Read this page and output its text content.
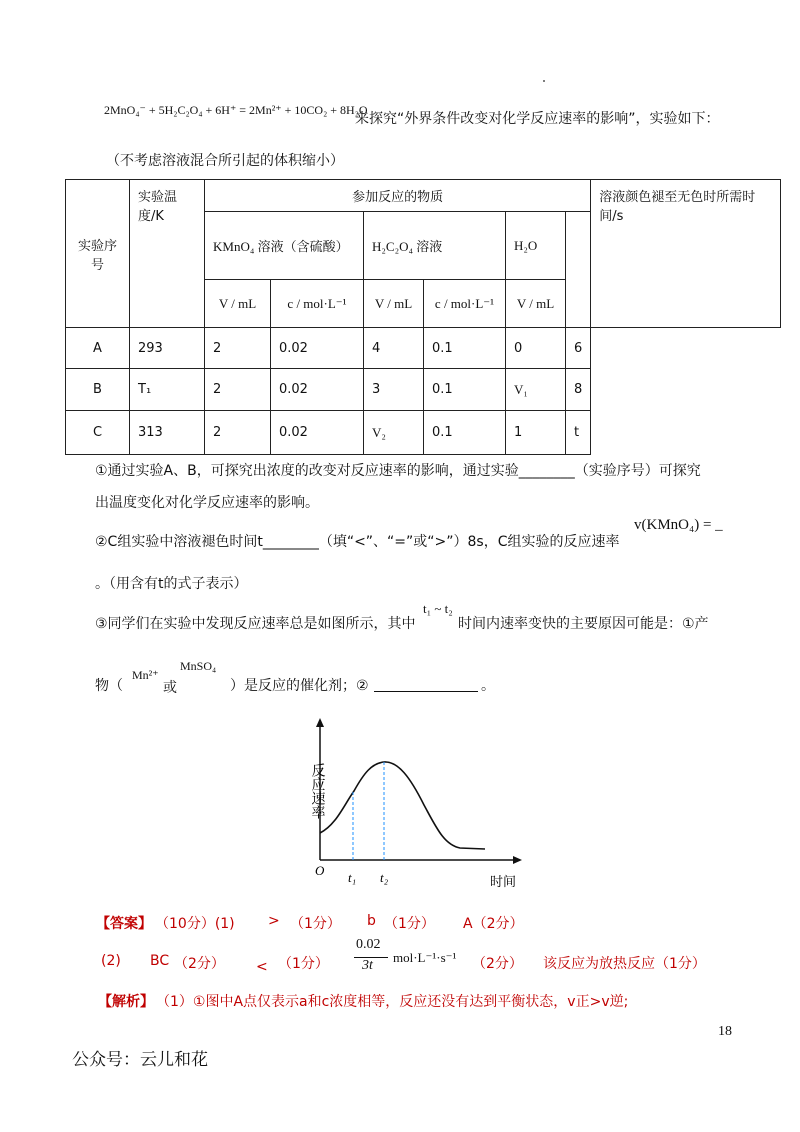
2MnO₄⁻ + 5H₂C₂O₄ + 6H⁺ = 2Mn²⁺ + 10CO₂ + 8H₂O
来探究“外界条件改变对化学反应速率的影响”，实验如下：
（不考虑溶液混合所引起的体积缩小）
实验序号	实验温度/K	参加反应的物质						溶液颜色褪至无色时所需时间/s
		KMnO₄ 溶液（含硫酸）		H₂C₂O₄ 溶液		H₂O		
		V / mL	c / mol·L⁻¹	V / mL	c / mol·L⁻¹	V / mL		
A	293	2	0.02	4	0.1	0	6	
B	T₁	2	0.02	3	0.1	V₁	8	
C	313	2	0.02	V₂	0.1	1	t	
①通过实验A、B，可探究出浓度的改变对反应速率的影响，通过实验________（实验序号）可探究
出温度变化对化学反应速率的影响。
②C组实验中溶液褪色时间t________（填“<”、“=”或“>”）8s，C组实验的反应速率
v(KMnO₄) = _
。（用含有t的式子表示）
③同学们在实验中发现反应速率总是如图所示，其中
t₁ ~ t₂
时间内速率变快的主要原因可能是：①产
物（
Mn²⁺
或
MnSO₄
）是反应的催化剂；②	。
反应速率
O t₁ t₂	时间
【答案】 （10分）(1) > （1分） b （1分） A（2分）
(2) BC （2分） < （1分）
0.02
3t
mol·L⁻¹·s⁻¹ （2分） 该反应为放热反应（1分）
【解析】 （1）①图中A点仅表示a和c浓度相等，反应还没有达到平衡状态，v正>v逆;
18
公众号：云儿和花
